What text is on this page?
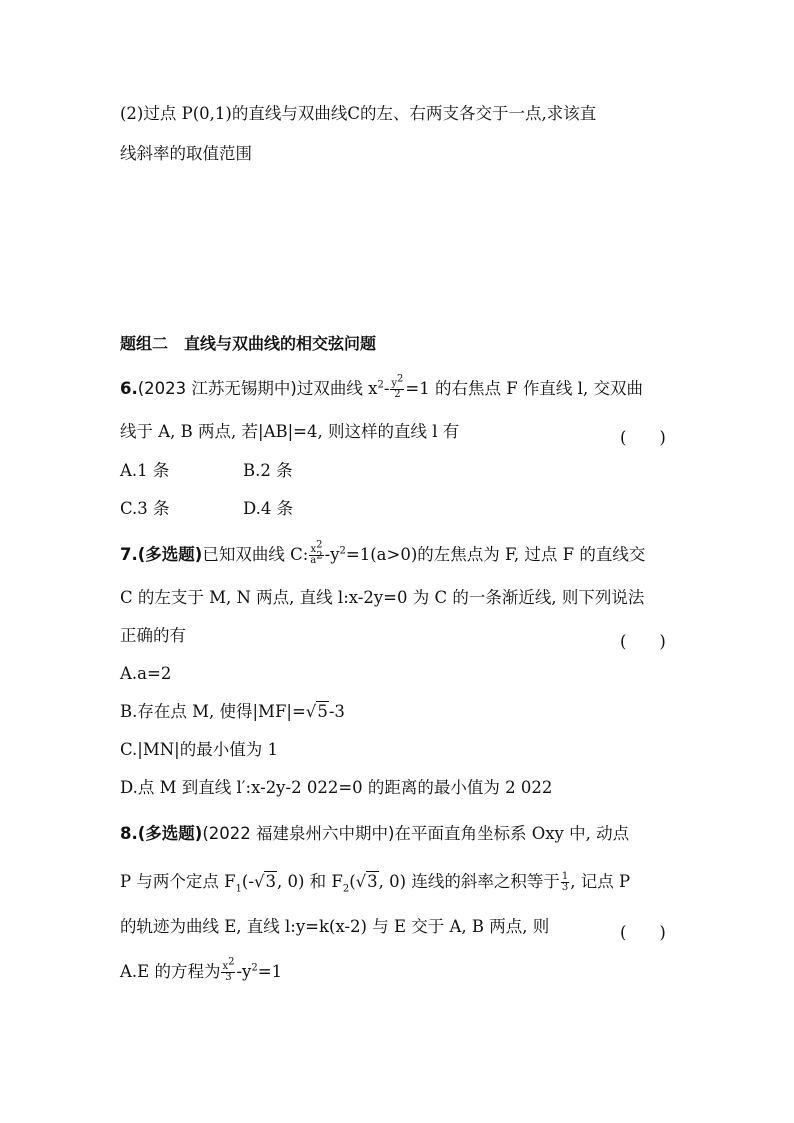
(2)过点 P(0,1)的直线与双曲线C的左、右两支各交于一点,求该直
线斜率的取值范围
题组二　直线与双曲线的相交弦问题
6.(2023 江苏无锡期中)过双曲线 $x^2- \frac{y^2}{2} =1$ 的右焦点 F 作直线 l, 交双曲
线于 A, B 两点, 若|AB|=4, 则这样的直线 l 有	(　　)
A.1 条	B.2 条
C.3 条	D.4 条
7.(多选题)已知双曲线 C: $\frac{x^2}{a^2} -y^2=1(a>0)$的左焦点为 F, 过点 F 的直线交
C 的左支于 M, N 两点, 直线 l:x-2y=0 为 C 的一条渐近线, 则下列说法
正确的有	(　　)
A.a=2
B.存在点 M, 使得|MF|=√5-3
C.|MN|的最小值为 1
D.点 M 到直线 l′:x-2y-2 022=0 的距离的最小值为 2 022
8.(多选题)(2022 福建泉州六中期中)在平面直角坐标系 Oxy 中, 动点
P 与两个定点 $F_1(-√3$, 0) 和 $F_2(√3$, 0) 连线的斜率之积等于 $\frac{1}{3}$ , 记点 P
的轨迹为曲线 E, 直线 l:y=k(x-2) 与 E 交于 A, B 两点, 则	(　　)
A.E 的方程为 $\frac{x^2}{3} -y^2=1$
